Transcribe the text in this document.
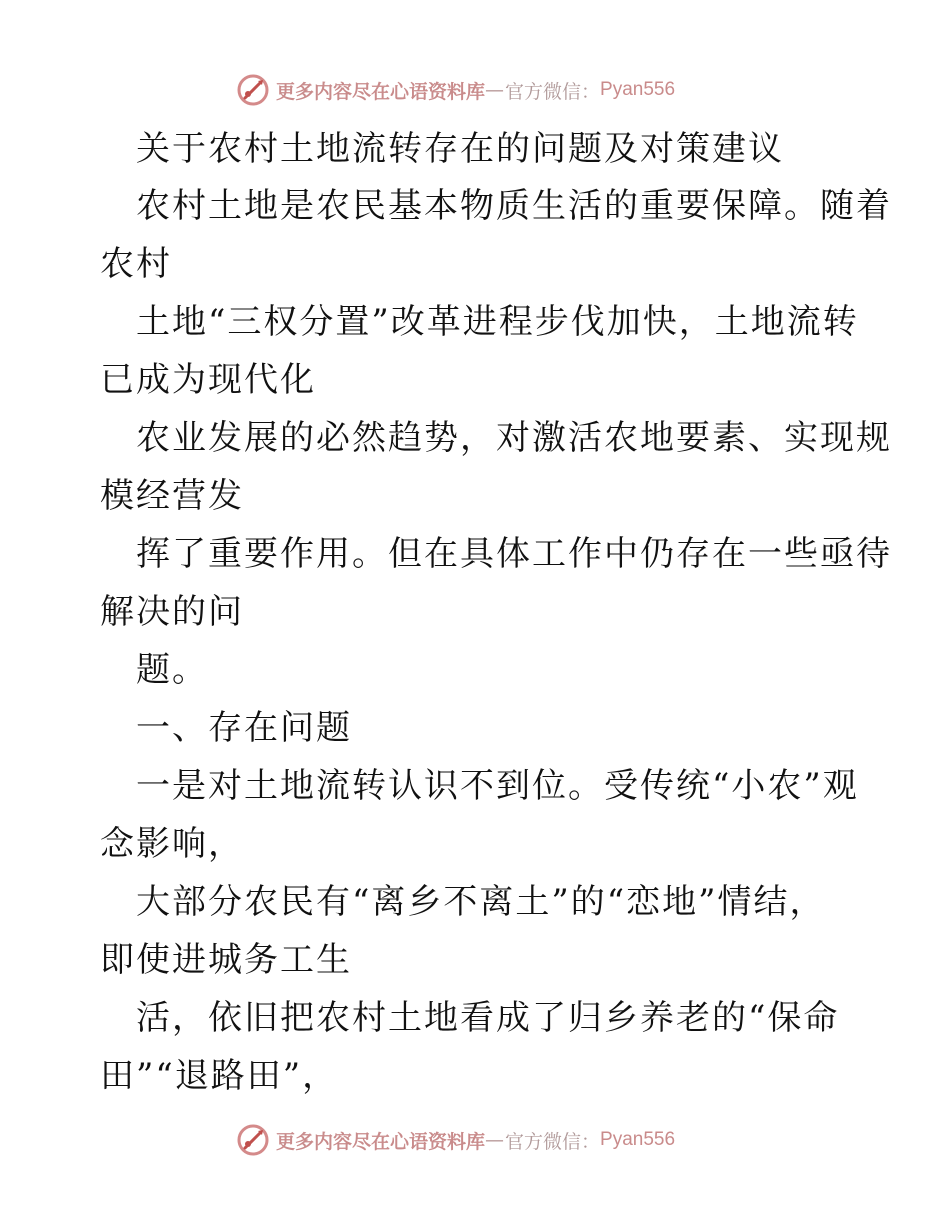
更多内容尽在心语资料库 — 官方微信： Pyan556
关于农村土地流转存在的问题及对策建议
农村土地是农民基本物质生活的重要保障。随着
农村
土地“三权分置”改革进程步伐加快，土地流转
已成为现代化
农业发展的必然趋势，对激活农地要素、实现规
模经营发
挥了重要作用。但在具体工作中仍存在一些亟待
解决的问
题。
一、存在问题
一是对土地流转认识不到位。受传统“小农”观
念影响，
大部分农民有“离乡不离土”的“恋地”情结，
即使进城务工生
活，依旧把农村土地看成了归乡养老的“保命
田”“退路田”，
更多内容尽在心语资料库 — 官方微信： Pyan556
